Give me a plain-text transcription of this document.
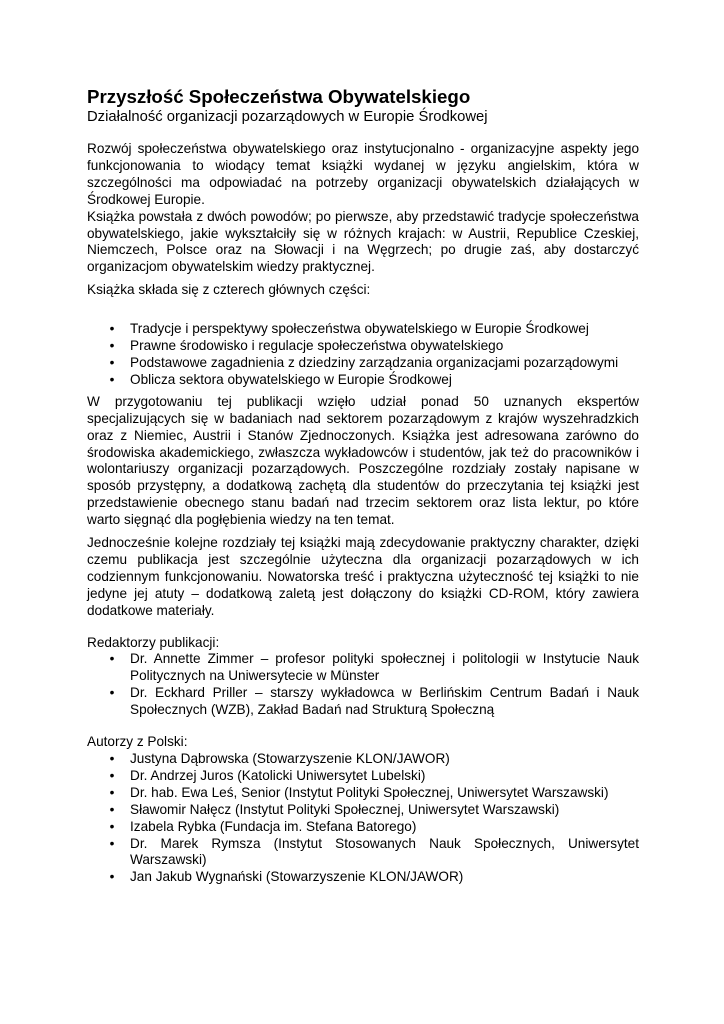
Przyszłość Społeczeństwa Obywatelskiego
Działalność organizacji pozarządowych w Europie Środkowej

Rozwój społeczeństwa obywatelskiego oraz instytucjonalno - organizacyjne aspekty jego funkcjonowania to wiodący temat książki wydanej w języku angielskim, która w szczególności ma odpowiadać na potrzeby organizacji obywatelskich działających w Środkowej Europie.

Książka powstała z dwóch powodów; po pierwsze, aby przedstawić tradycje społeczeństwa obywatelskiego, jakie wykształciły się w różnych krajach: w Austrii, Republice Czeskiej, Niemczech, Polsce oraz na Słowacji i na Węgrzech; po drugie zaś, aby dostarczyć organizacjom obywatelskim wiedzy praktycznej.

Książka składa się z czterech głównych części:

• Tradycje i perspektywy społeczeństwa obywatelskiego w Europie Środkowej
• Prawne środowisko i regulacje społeczeństwa obywatelskiego
• Podstawowe zagadnienia z dziedziny zarządzania organizacjami pozarządowymi
• Oblicza sektora obywatelskiego w Europie Środkowej

W przygotowaniu tej publikacji wzięło udział ponad 50 uznanych ekspertów specjalizujących się w badaniach nad sektorem pozarządowym z krajów wyszehradzkich oraz z Niemiec, Austrii i Stanów Zjednoczonych. Książka jest adresowana zarówno do środowiska akademickiego, zwłaszcza wykładowców i studentów, jak też do pracowników i wolontariuszy organizacji pozarządowych. Poszczególne rozdziały zostały napisane w sposób przystępny, a dodatkową zachętą dla studentów do przeczytania tej książki jest przedstawienie obecnego stanu badań nad trzecim sektorem oraz lista lektur, po które warto sięgnąć dla pogłębienia wiedzy na ten temat.

Jednocześnie kolejne rozdziały tej książki mają zdecydowanie praktyczny charakter, dzięki czemu publikacja jest szczególnie użyteczna dla organizacji pozarządowych w ich codziennym funkcjonowaniu. Nowatorska treść i praktyczna użyteczność tej książki to nie jedyne jej atuty – dodatkową zaletą jest dołączony do książki CD-ROM, który zawiera dodatkowe materiały.

Redaktorzy publikacji:

• Dr. Annette Zimmer – profesor polityki społecznej i politologii w Instytucie Nauk Politycznych na Uniwersytecie w Münster
• Dr. Eckhard Priller – starszy wykładowca w Berlińskim Centrum Badań i Nauk Społecznych (WZB), Zakład Badań nad Strukturą Społeczną

Autorzy z Polski:

• Justyna Dąbrowska (Stowarzyszenie KLON/JAWOR)
• Dr. Andrzej Juros (Katolicki Uniwersytet Lubelski)
• Dr. hab. Ewa Leś, Senior (Instytut Polityki Społecznej, Uniwersytet Warszawski)
• Sławomir Nałęcz (Instytut Polityki Społecznej, Uniwersytet Warszawski)
• Izabela Rybka (Fundacja im. Stefana Batorego)
• Dr. Marek Rymsza (Instytut Stosowanych Nauk Społecznych, Uniwersytet Warszawski)
• Jan Jakub Wygnański (Stowarzyszenie KLON/JAWOR)
